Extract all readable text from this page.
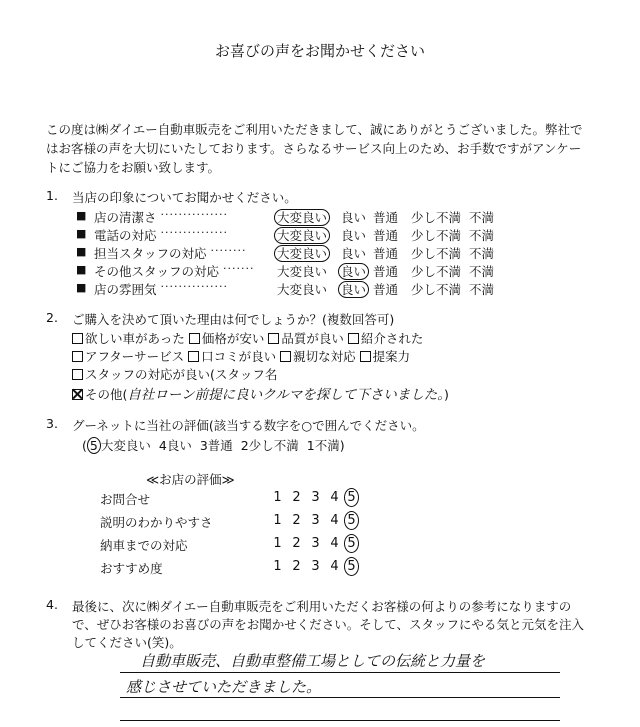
お喜びの声をお聞かせください
この度は㈱ダイエー自動車販売をご利用いただきまして、誠にありがとうございました。弊社で
はお客様の声を大切にいたしております。さらなるサービス向上のため、お手数ですがアンケー
トにご協力をお願い致します。
1. 当店の印象についてお聞かせください。
■ 店の清潔さ ···············	大変良い 良い 普通 少し不満 不満
■ 電話の対応 ···············	大変良い 良い 普通 少し不満 不満
■ 担当スタッフの対応 ········	大変良い 良い 普通 少し不満 不満
■ その他スタッフの対応 ·······	大変良い 良い 普通 少し不満 不満
■ 店の雰囲気 ···············	大変良い 良い 普通 少し不満 不満
2. ご購入を決めて頂いた理由は何でしょうか？(複数回答可)
欲しい車があった 価格が安い 品質が良い 紹介された
アフターサービス 口コミが良い 親切な対応 提案力
スタッフの対応が良い(スタッフ名
その他(自社ローン前提に良いクルマを探して下さいました。)
3. グーネットに当社の評価(該当する数字を○で囲んでください。
( 5 大変良い 4良い 3普通 2少し不満 1不満)
≪お店の評価≫
お問合せ	1 2 3 4 5
説明のわかりやすさ	1 2 3 4 5
納車までの対応	1 2 3 4 5
おすすめ度	1 2 3 4 5
4. 最後に、次に㈱ダイエー自動車販売をご利用いただくお客様の何よりの参考になりますの
で、ぜひお客様のお喜びの声をお聞かせください。そして、スタッフにやる気と元気を注入
してください(笑)。
自動車販売、自動車整備工場としての伝統と力量を
感じさせていただきました。
